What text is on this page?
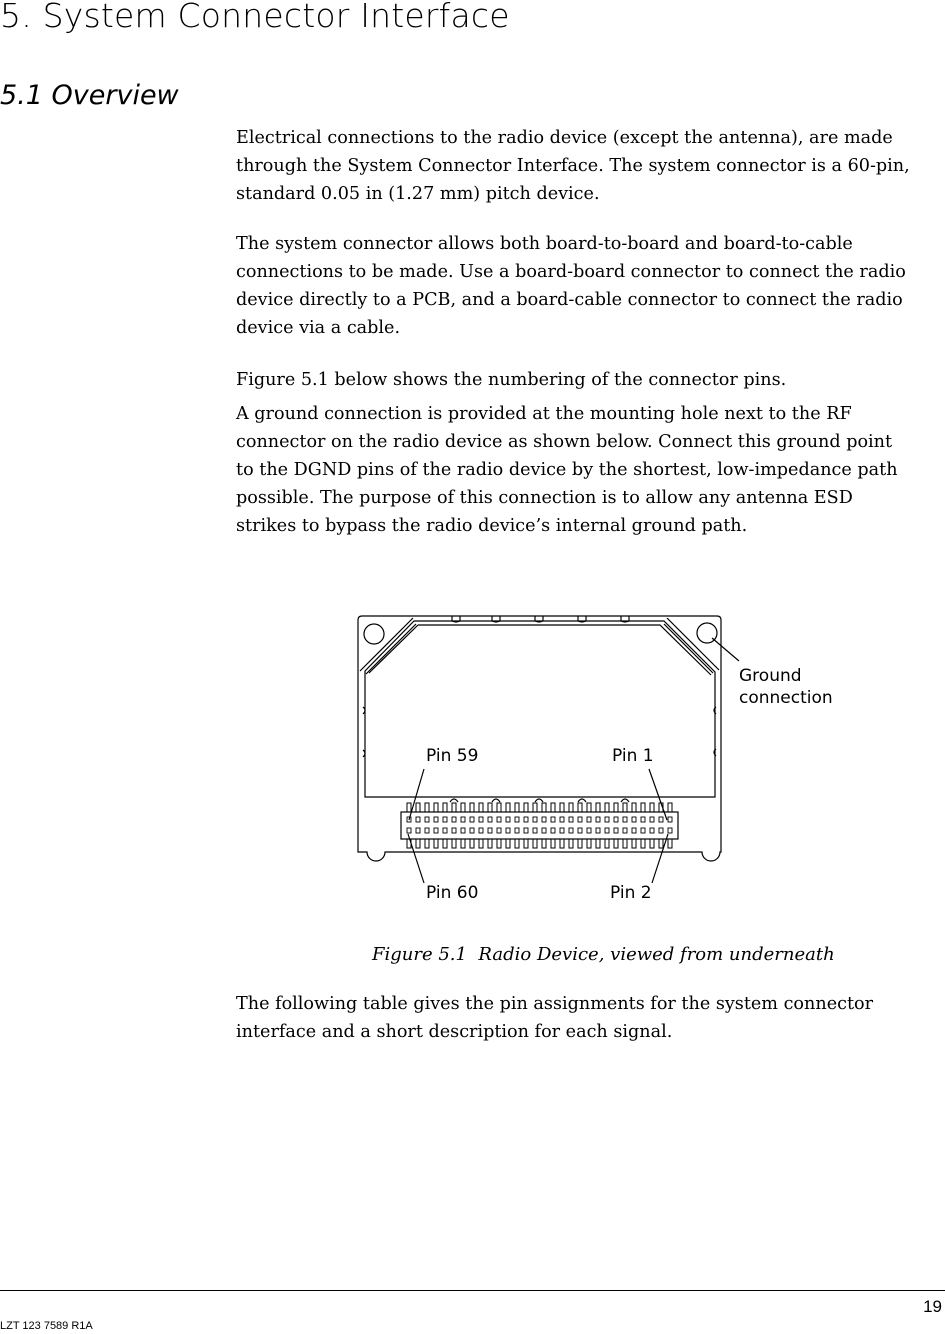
5. System Connector Interface
5.1 Overview
Electrical connections to the radio device (except the antenna), are made
through the System Connector Interface. The system connector is a 60-pin,
standard 0.05 in (1.27 mm) pitch device.
The system connector allows both board-to-board and board-to-cable
connections to be made. Use a board-board connector to connect the radio
device directly to a PCB, and a board-cable connector to connect the radio
device via a cable.
Figure 5.1 below shows the numbering of the connector pins.
A ground connection is provided at the mounting hole next to the RF
connector on the radio device as shown below. Connect this ground point
to the DGND pins of the radio device by the shortest, low-impedance path
possible. The purpose of this connection is to allow any antenna ESD
strikes to bypass the radio device’s internal ground path.
Ground
connection
Pin 59	Pin 1
Pin 60	Pin 2
Figure 5.1 Radio Device, viewed from underneath
The following table gives the pin assignments for the system connector
interface and a short description for each signal.
19
LZT 123 7589 R1A
